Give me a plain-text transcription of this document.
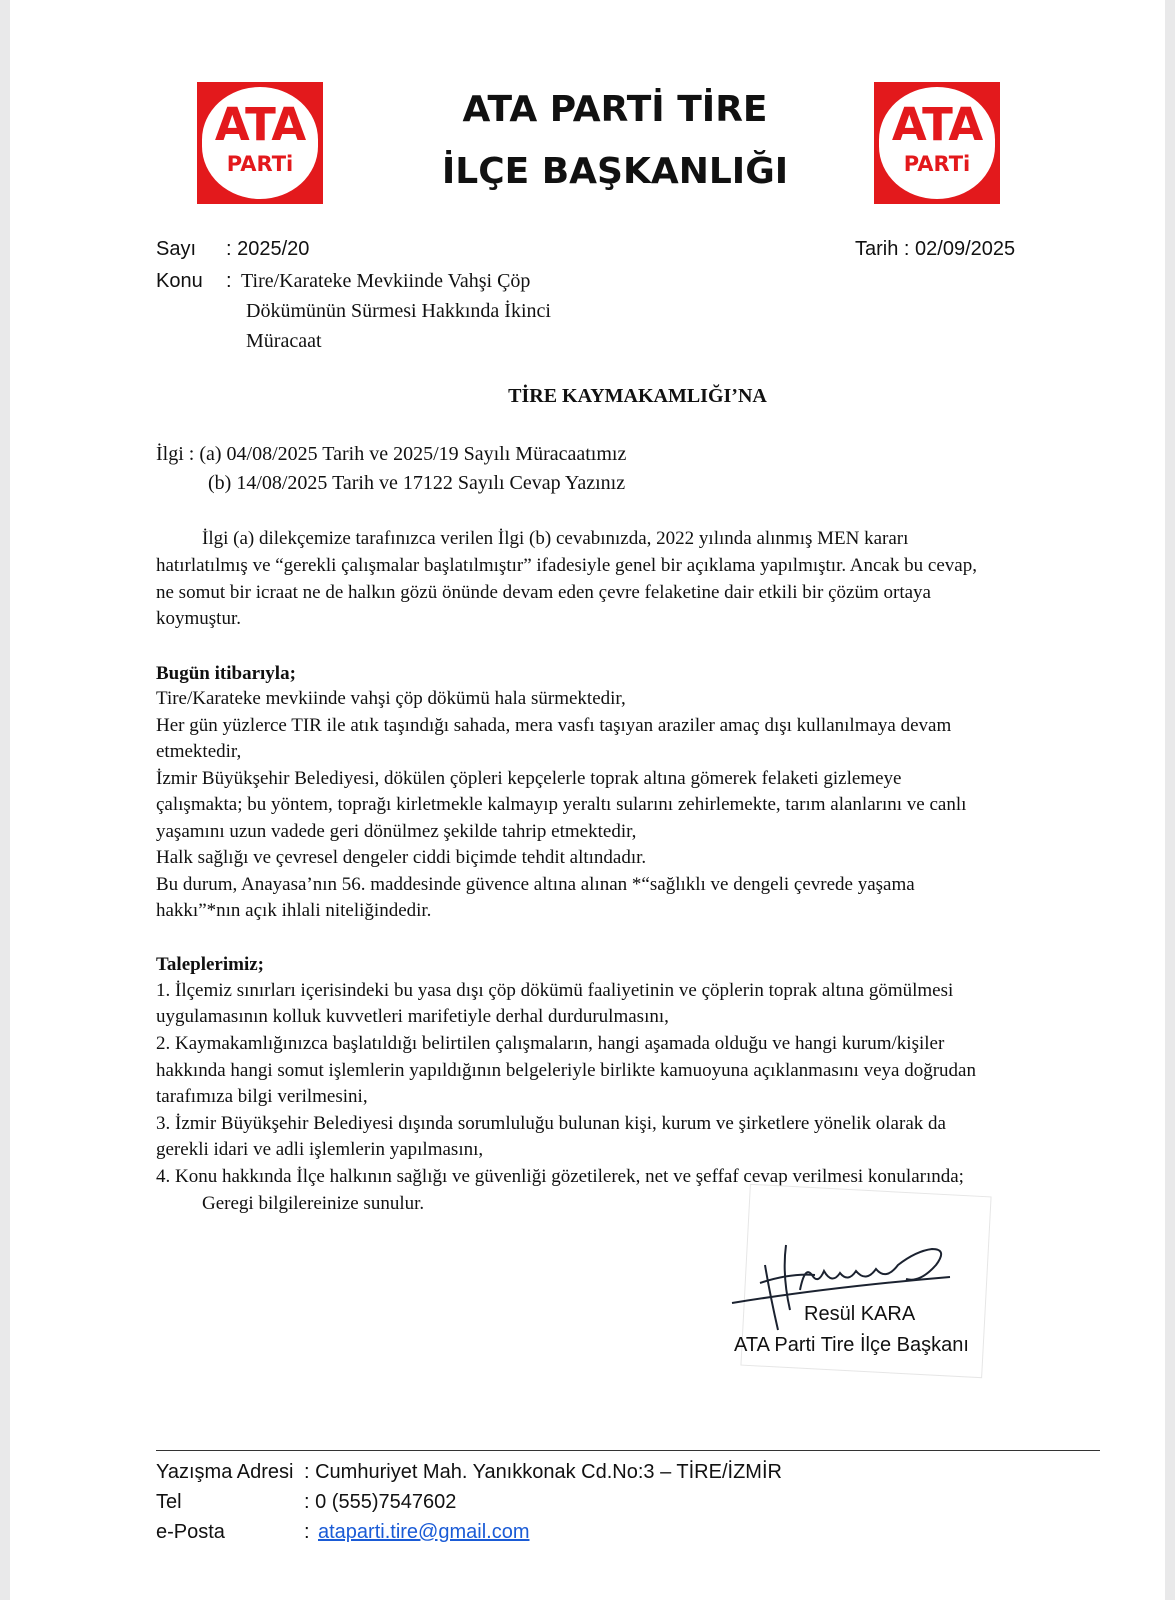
ATA
PARTi
ATA
PARTi
ATA PARTİ TİRE
İLÇE BAŞKANLIĞI
Sayı : 2025/20	Tarih : 02/09/2025
Konu : Tire/Karateke Mevkiinde Vahşi Çöp
Dökümünün Sürmesi Hakkında İkinci
Müracaat
TİRE KAYMAKAMLIĞI’NA
İlgi : (a) 04/08/2025 Tarih ve 2025/19 Sayılı Müracaatımız
(b) 14/08/2025 Tarih ve 17122 Sayılı Cevap Yazınız
İlgi (a) dilekçemize tarafınızca verilen İlgi (b) cevabınızda, 2022 yılında alınmış MEN kararı
hatırlatılmış ve “gerekli çalışmalar başlatılmıştır” ifadesiyle genel bir açıklama yapılmıştır. Ancak bu cevap,
ne somut bir icraat ne de halkın gözü önünde devam eden çevre felaketine dair etkili bir çözüm ortaya
koymuştur.
Bugün itibarıyla;
Tire/Karateke mevkiinde vahşi çöp dökümü hala sürmektedir,
Her gün yüzlerce TIR ile atık taşındığı sahada, mera vasfı taşıyan araziler amaç dışı kullanılmaya devam
etmektedir,
İzmir Büyükşehir Belediyesi, dökülen çöpleri kepçelerle toprak altına gömerek felaketi gizlemeye
çalışmakta; bu yöntem, toprağı kirletmekle kalmayıp yeraltı sularını zehirlemekte, tarım alanlarını ve canlı
yaşamını uzun vadede geri dönülmez şekilde tahrip etmektedir,
Halk sağlığı ve çevresel dengeler ciddi biçimde tehdit altındadır.
Bu durum, Anayasa’nın 56. maddesinde güvence altına alınan *“sağlıklı ve dengeli çevrede yaşama
hakkı”*nın açık ihlali niteliğindedir.
Taleplerimiz;
1. İlçemiz sınırları içerisindeki bu yasa dışı çöp dökümü faaliyetinin ve çöplerin toprak altına gömülmesi
uygulamasının kolluk kuvvetleri marifetiyle derhal durdurulmasını,
2. Kaymakamlığınızca başlatıldığı belirtilen çalışmaların, hangi aşamada olduğu ve hangi kurum/kişiler
hakkında hangi somut işlemlerin yapıldığının belgeleriyle birlikte kamuoyuna açıklanmasını veya doğrudan
tarafımıza bilgi verilmesini,
3. İzmir Büyükşehir Belediyesi dışında sorumluluğu bulunan kişi, kurum ve şirketlere yönelik olarak da
gerekli idari ve adli işlemlerin yapılmasını,
4. Konu hakkında İlçe halkının sağlığı ve güvenliği gözetilerek, net ve şeffaf cevap verilmesi konularında;
Geregi bilgilereinize sunulur.
Resül KARA
ATA Parti Tire İlçe Başkanı
Yazışma Adresi : Cumhuriyet Mah. Yanıkkonak Cd.No:3 – TİRE/İZMİR
Tel	: 0 (555)7547602
e-Posta	: ataparti.tire@gmail.com
